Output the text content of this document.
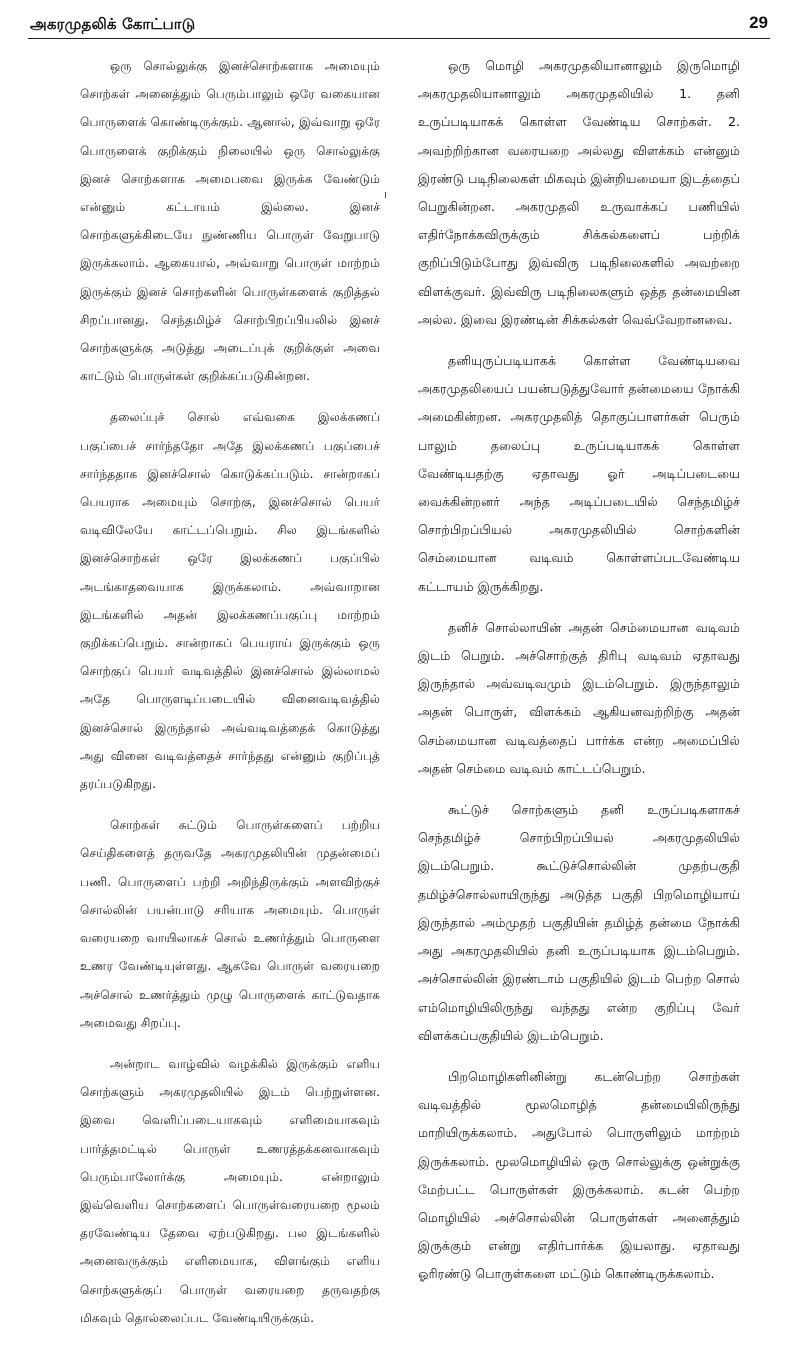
அகரமுதலிக் கோட்பாடு	29
ı

ஒரு சொல்லுக்கு இனச்சொற்களாக அமையும் சொற்கள் அனைத்தும் பெரும்பாலும் ஒரே வகையான பொருளைக் கொண்டிருக்கும். ஆனால், இவ்வாறு ஒரே பொருளைக் குறிக்கும் நிலையில் ஒரு சொல்லுக்கு இனச் சொற்களாக அமைபவை இருக்க வேண்டும் என்னும் கட்டாயம் இல்லை. இனச் சொற்களுக்கிடையே நுண்ணிய பொருள் வேறுபாடு இருக்கலாம். ஆகையால், அவ்வாறு பொருள் மாற்றம் இருக்கும் இனச் சொற்களின் பொருள்களைக் குறித்தல் சிறப்பானது. செந்தமிழ்ச் சொற்பிறப்பியலில் இனச் சொற்களுக்கு அடுத்து அடைப்புக் குறிக்குள் அவை காட்டும் பொருள்கள் குறிக்கப்படுகின்றன.

தலைப்புச் சொல் எவ்வகை இலக்கணப் பகுப்பைச் சார்ந்ததோ அதே இலக்கணப் பகுப்பைச் சார்ந்ததாக இனச்சொல் கொடுக்கப்படும். சான்றாகப் பெயராக அமையும் சொற்கு, இனச்சொல் பெயர் வடிவிலேயே காட்டப்பெறும். சில இடங்களில் இனச்சொற்கள் ஒரே இலக்கணப் பகுப்பில் அடங்காதவையாக இருக்கலாம். அவ்வாறான இடங்களில் அதன் இலக்கணப்பகுப்பு மாற்றம் குறிக்கப்பெறும். சான்றாகப் பெயராய் இருக்கும் ஒரு சொற்குப் பெயர் வடிவத்தில் இனச்சொல் இல்லாமல் அதே பொருளடிப்படையில் வினைவடிவத்தில் இனச்சொல் இருந்தால் அவ்வடிவத்தைக் கொடுத்து அது வினை வடிவத்தைச் சார்ந்தது என்னும் குறிப்புத் தரப்படுகிறது.

சொற்கள் சுட்டும் பொருள்களைப் பற்றிய செய்திகளைத் தருவதே அகரமுதலியின் முதன்மைப் பணி. பொருளைப் பற்றி அறிந்திருக்கும் அளவிற்குச் சொல்லின் பயன்பாடு சரியாக அமையும். பொருள் வரையறை வாயிலாகச் சொல் உணர்த்தும் பொருளை உணர வேண்டியுள்ளது. ஆகவே பொருள் வரையறை அச்சொல் உணர்த்தும் முழு பொருளைக் காட்டுவதாக அமைவது சிறப்பு.

அன்றாட வாழ்வில் வழக்கில் இருக்கும் எளிய சொற்களும் அகரமுதலியில் இடம் பெற்றுள்ளன. இவை வெளிப்படையாகவும் எளிமையாகவும் பார்த்தமட்டில் பொருள் உணரத்தக்கனவாகவும் பெரும்பாலோர்க்கு அமையும். என்றாலும் இவ்வெளிய சொற்களைப் பொருள்வரையறை மூலம் தரவேண்டிய தேவை ஏற்படுகிறது. பல இடங்களில் அனைவருக்கும் எளிமையாக, விளங்கும் எளிய சொற்களுக்குப் பொருள் வரையறை தருவதற்கு மிகவும் தொல்லைப்பட வேண்டியிருக்கும்.

ஒரு மொழி அகரமுதலியானாலும் இருமொழி அகரமுதலியானாலும் அகரமுதலியில் 1. தனி உருப்படியாகக் கொள்ள வேண்டிய சொற்கள். 2. அவற்றிற்கான வரையறை அல்லது விளக்கம் என்னும் இரண்டு படிநிலைகள் மிகவும் இன்றியமையா இடத்தைப் பெறுகின்றன. அகரமுதலி உருவாக்கப் பணியில் எதிர்நோக்கவிருக்கும் சிக்கல்களைப் பற்றிக் குறிப்பிடும்போது இவ்விரு படிநிலைகளில் அவற்றை விளக்குவர். இவ்விரு படிநிலைகளும் ஒத்த தன்மையின அல்ல. இவை இரண்டின் சிக்கல்கள் வெவ்வேறானவை.

தனியுருப்படியாகக் கொள்ள வேண்டியவை அகரமுதலியைப் பயன்படுத்துவோர் தன்மையை நோக்கி அமைகின்றன. அகரமுதலித் தொகுப்பாளர்கள் பெரும் பாலும் தலைப்பு உருப்படியாகக் கொள்ள வேண்டியதற்கு ஏதாவது ஓர் அடிப்படையை வைக்கின்றனர் அந்த அடிப்படையில் செந்தமிழ்ச் சொற்பிறப்பியல் அகரமுதலியில் சொற்களின் செம்மையான வடிவம் கொள்ளப்படவேண்டிய கட்டாயம் இருக்கிறது.

தனிச் சொல்லாயின் அதன் செம்மையான வடிவம் இடம் பெறும். அச்சொற்குத் திரிபு வடிவம் ஏதாவது இருந்தால் அவ்வடிவமும் இடம்பெறும். இருந்தாலும் அதன் பொருள், விளக்கம் ஆகியனவற்றிற்கு அதன் செம்மையான வடிவத்தைப் பார்க்க என்ற அமைப்பில் அதன் செம்மை வடிவம் காட்டப்பெறும்.

கூட்டுச் சொற்களும் தனி உருப்படிகளாகச் செந்தமிழ்ச் சொற்பிறப்பியல் அகரமுதலியில் இடம்பெறும். கூட்டுச்சொல்லின் முதற்பகுதி தமிழ்ச்சொல்லாயிருந்து அடுத்த பகுதி பிறமொழியாய் இருந்தால் அம்முதற் பகுதியின் தமிழ்த் தன்மை நோக்கி அது அகரமுதலியில் தனி உருப்படியாக இடம்பெறும். அச்சொல்லின் இரண்டாம் பகுதியில் இடம் பெற்ற சொல் எம்மொழியிலிருந்து வந்தது என்ற குறிப்பு வேர் விளக்கப்பகுதியில் இடம்பெறும்.

பிறமொழிகளினின்று கடன்பெற்ற சொற்கள் வடிவத்தில் மூலமொழித் தன்மையிலிருந்து மாறியிருக்கலாம். அதுபோல் பொருளிலும் மாற்றம் இருக்கலாம். மூலமொழியில் ஒரு சொல்லுக்கு ஒன்றுக்கு மேற்பட்ட பொருள்கள் இருக்கலாம். கடன் பெற்ற மொழியில் அச்சொல்லின் பொருள்கள் அனைத்தும் இருக்கும் என்று எதிர்பார்க்க இயலாது. ஏதாவது ஓரிரண்டு பொருள்களை மட்டும் கொண்டிருக்கலாம்.
